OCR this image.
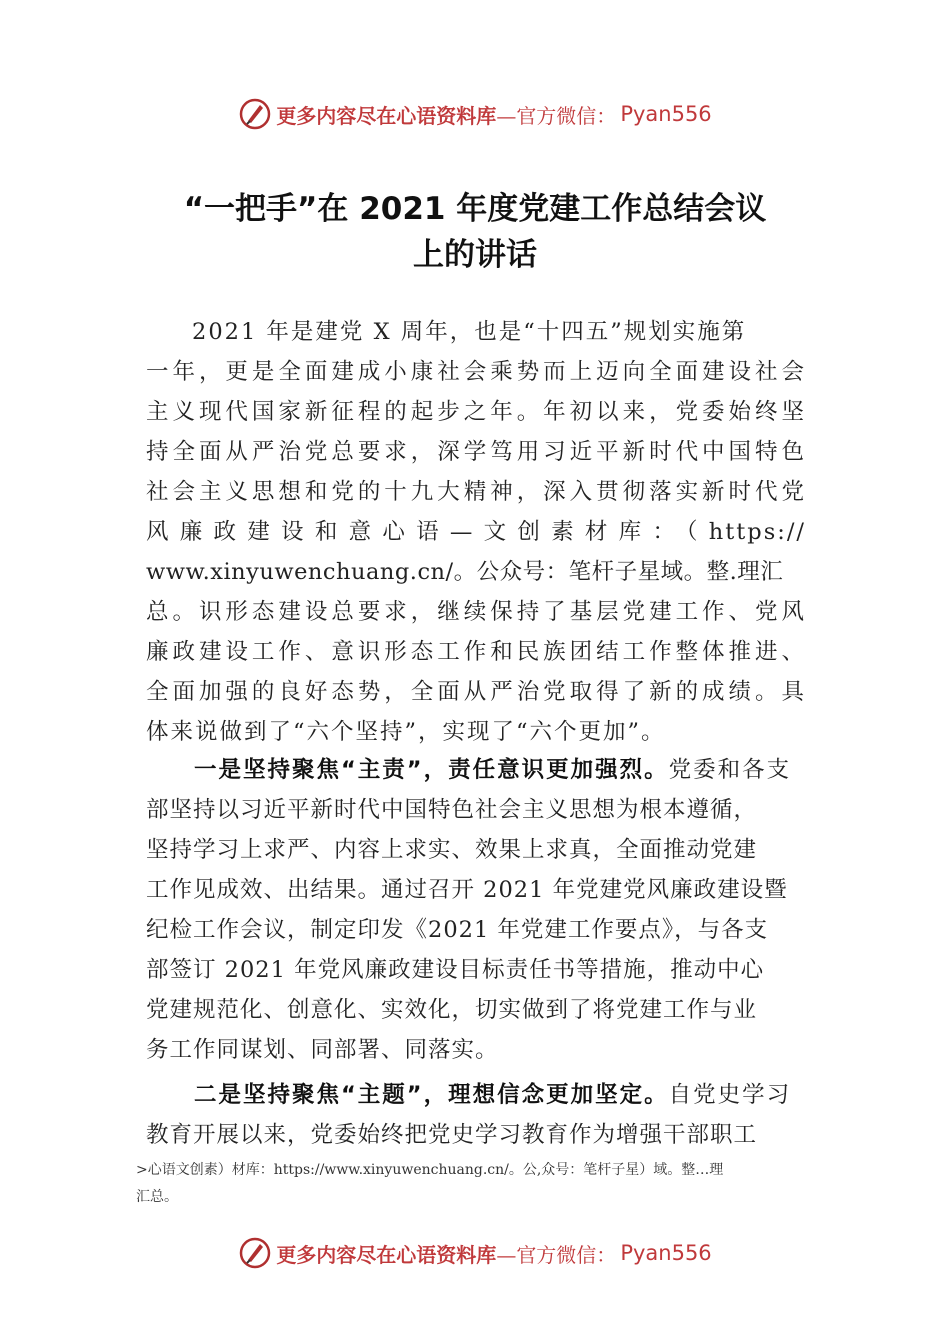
更多内容尽在心语资料库 —官方微信： Pyan556
“一把手”在 2021 年度党建工作总结会议
上的讲话
2021 年是建党 X 周年，也是“十四五”规划实施第
一年，更是全面建成小康社会乘势而上迈向全面建设社会
主义现代国家新征程的起步之年。年初以来，党委始终坚
持全面从严治党总要求，深学笃用习近平新时代中国特色
社会主义思想和党的十九大精神，深入贯彻落实新时代党
风廉政建设和意心语—文创素材库：（https://
www.xinyuwenchuang.cn/。公众号：笔杆子星域。整.理汇
总。识形态建设总要求，继续保持了基层党建工作、党风
廉政建设工作、意识形态工作和民族团结工作整体推进、
全面加强的良好态势，全面从严治党取得了新的成绩。具
体来说做到了“六个坚持”，实现了“六个更加”。
一是坚持聚焦“主责”，责任意识更加强烈。党委和各支
部坚持以习近平新时代中国特色社会主义思想为根本遵循，
坚持学习上求严、内容上求实、效果上求真，全面推动党建
工作见成效、出结果。通过召开 2021 年党建党风廉政建设暨
纪检工作会议，制定印发《2021 年党建工作要点》，与各支
部签订 2021 年党风廉政建设目标责任书等措施，推动中心
党建规范化、创意化、实效化，切实做到了将党建工作与业
务工作同谋划、同部署、同落实。
二是坚持聚焦“主题”，理想信念更加坚定。自党史学习
教育开展以来，党委始终把党史学习教育作为增强干部职工
>心语文创素）材库：https://www.xinyuwenchuang.cn/。公,众号：笔杆子星）域。整…理
汇总。
更多内容尽在心语资料库 —官方微信： Pyan556
